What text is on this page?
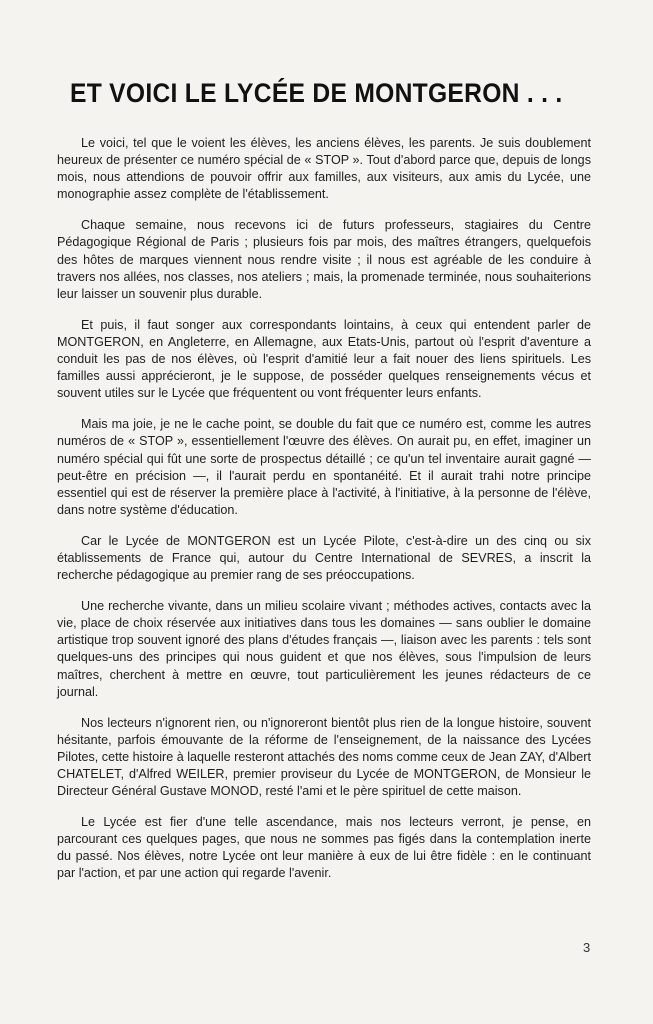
ET VOICI LE LYCÉE DE MONTGERON . . .

Le voici, tel que le voient les élèves, les anciens élèves, les parents. Je suis doublement heureux de présenter ce numéro spécial de « STOP ». Tout d'abord parce que, depuis de longs mois, nous attendions de pouvoir offrir aux familles, aux visiteurs, aux amis du Lycée, une monographie assez complète de l'établissement.

Chaque semaine, nous recevons ici de futurs professeurs, stagiaires du Centre Pédagogique Régional de Paris ; plusieurs fois par mois, des maîtres étrangers, quelquefois des hôtes de marques viennent nous rendre visite ; il nous est agréable de les conduire à travers nos allées, nos classes, nos ateliers ; mais, la promenade terminée, nous souhaiterions leur laisser un souvenir plus durable.

Et puis, il faut songer aux correspondants lointains, à ceux qui entendent parler de MONTGERON, en Angleterre, en Allemagne, aux Etats-Unis, partout où l'esprit d'aventure a conduit les pas de nos élèves, où l'esprit d'amitié leur a fait nouer des liens spirituels. Les familles aussi apprécieront, je le suppose, de posséder quelques renseignements vécus et souvent utiles sur le Lycée que fréquentent ou vont fréquenter leurs enfants.

Mais ma joie, je ne le cache point, se double du fait que ce numéro est, comme les autres numéros de « STOP », essentiellement l'œuvre des élèves. On aurait pu, en effet, imaginer un numéro spécial qui fût une sorte de prospectus détaillé ; ce qu'un tel inventaire aurait gagné — peut-être en précision —, il l'aurait perdu en spontanéité. Et il aurait trahi notre principe essentiel qui est de réserver la première place à l'activité, à l'initiative, à la personne de l'élève, dans notre système d'éducation.

Car le Lycée de MONTGERON est un Lycée Pilote, c'est-à-dire un des cinq ou six établissements de France qui, autour du Centre International de SEVRES, a inscrit la recherche pédagogique au premier rang de ses préoccupations.

Une recherche vivante, dans un milieu scolaire vivant ; méthodes actives, contacts avec la vie, place de choix réservée aux initiatives dans tous les domaines — sans oublier le domaine artistique trop souvent ignoré des plans d'études français —, liaison avec les parents : tels sont quelques-uns des principes qui nous guident et que nos élèves, sous l'impulsion de leurs maîtres, cherchent à mettre en œuvre, tout particulièrement les jeunes rédacteurs de ce journal.

Nos lecteurs n'ignorent rien, ou n'ignoreront bientôt plus rien de la longue histoire, souvent hésitante, parfois émouvante de la réforme de l'enseignement, de la naissance des Lycées Pilotes, cette histoire à laquelle resteront attachés des noms comme ceux de Jean ZAY, d'Albert CHATELET, d'Alfred WEILER, premier proviseur du Lycée de MONTGERON, de Monsieur le Directeur Général Gustave MONOD, resté l'ami et le père spirituel de cette maison.

Le Lycée est fier d'une telle ascendance, mais nos lecteurs verront, je pense, en parcourant ces quelques pages, que nous ne sommes pas figés dans la contemplation inerte du passé. Nos élèves, notre Lycée ont leur manière à eux de lui être fidèle : en le continuant par l'action, et par une action qui regarde l'avenir.

3
